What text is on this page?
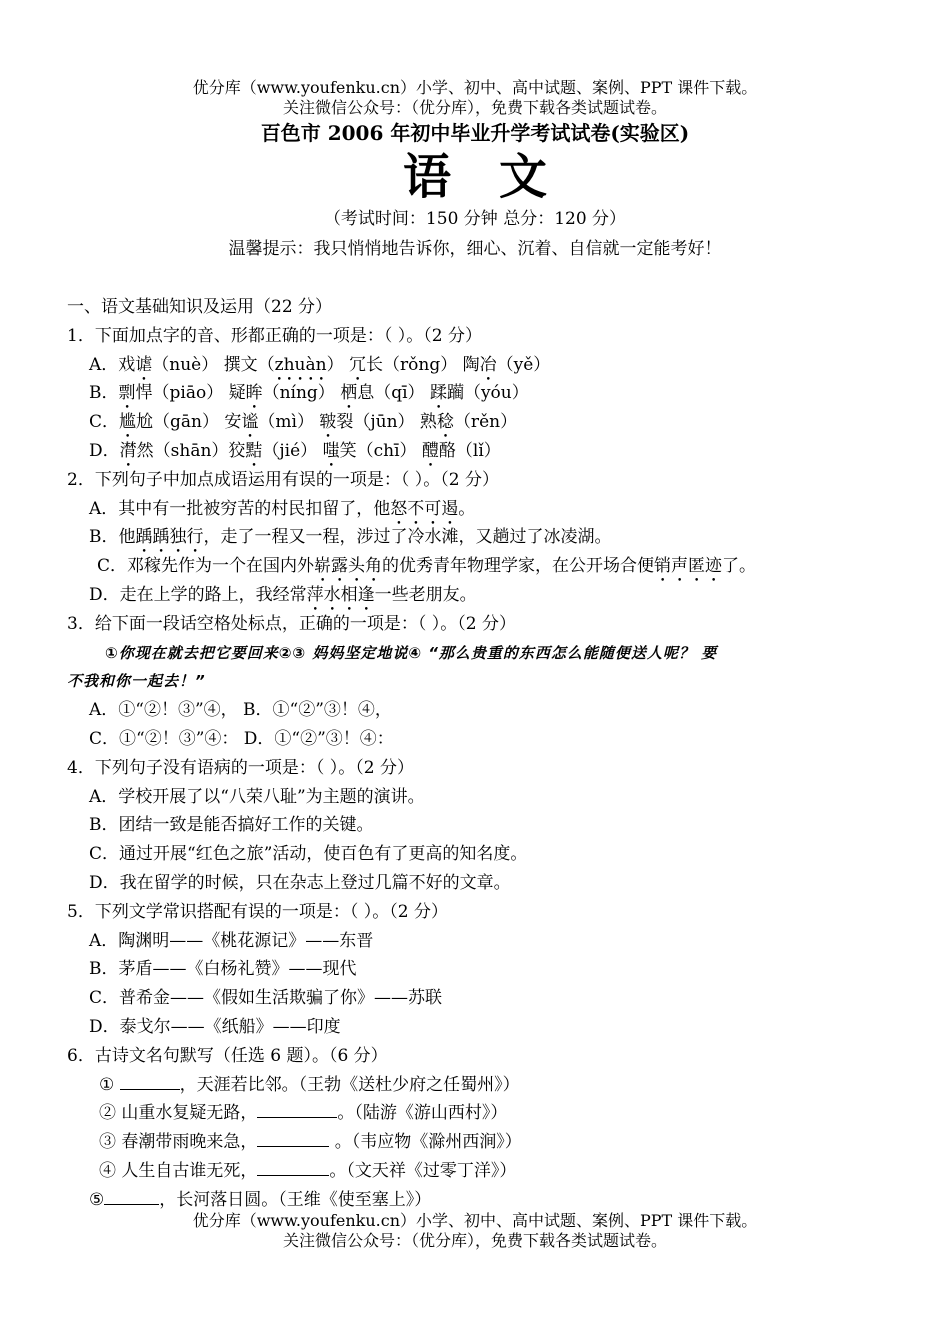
优分库（www.youfenku.cn）小学、初中、高中试题、案例、PPT 课件下载。
关注微信公众号：（优分库），免费下载各类试题试卷。
百色市 2006 年初中毕业升学考试试卷(实验区)
语文
（考试时间：150 分钟 总分：120 分）
温馨提示：我只悄悄地告诉你，细心、沉着、自信就一定能考好！
一、语文基础知识及运用（22 分）
1．下面加点字的音、形都正确的一项是：（ ）。（2 分）
A．戏谑（nuè） 撰文（zhuàn） 冗长（rǒng） 陶冶（yě）
B．剽悍（piāo） 疑眸（níng） 栖息（qī） 蹂躏（yóu）
C．尴尬（gān） 安谧（mì） 皲裂（jūn） 熟稔（rěn）
D．潸然（shān）狡黠（jié） 嗤笑（chī） 醴酪（lǐ）
2．下列句子中加点成语运用有误的一项是：（ ）。（2 分）
A．其中有一批被穷苦的村民扣留了，他怒不可遏。
B．他踽踽独行，走了一程又一程，涉过了冷水滩，又趟过了冰凌湖。
C．邓稼先作为一个在国内外崭露头角的优秀青年物理学家，在公开场合便销声匿迹了。
D．走在上学的路上，我经常萍水相逢一些老朋友。
3．给下面一段话空格处标点，正确的一项是：（ ）。（2 分）
①你现在就去把它要回来②③ 妈妈坚定地说④ “那么贵重的东西怎么能随便送人呢？ 要
不我和你一起去！”
A．①“②！③”④， B．①“②”③！④，
C．①“②！③”④： D．①“②”③！④：
4．下列句子没有语病的一项是：（ ）。（2 分）
A．学校开展了以“八荣八耻”为主题的演讲。
B．团结一致是能否搞好工作的关键。
C．通过开展“红色之旅”活动，使百色有了更高的知名度。
D．我在留学的时候，只在杂志上登过几篇不好的文章。
5．下列文学常识搭配有误的一项是：（ ）。（2 分）
A．陶渊明——《桃花源记》——东晋
B．茅盾——《白杨礼赞》——现代
C．普希金——《假如生活欺骗了你》——苏联
D．泰戈尔——《纸船》——印度
6．古诗文名句默写（任选 6 题）。（6 分）
①	，天涯若比邻。（王勃《送杜少府之任蜀州》）
② 山重水复疑无路，	。（陆游《游山西村》）
③ 春潮带雨晚来急，	。（韦应物《滁州西涧》）
④ 人生自古谁无死，	。（文天祥《过零丁洋》）
⑤	，长河落日圆。（王维《使至塞上》）
优分库（www.youfenku.cn）小学、初中、高中试题、案例、PPT 课件下载。
关注微信公众号：（优分库），免费下载各类试题试卷。
